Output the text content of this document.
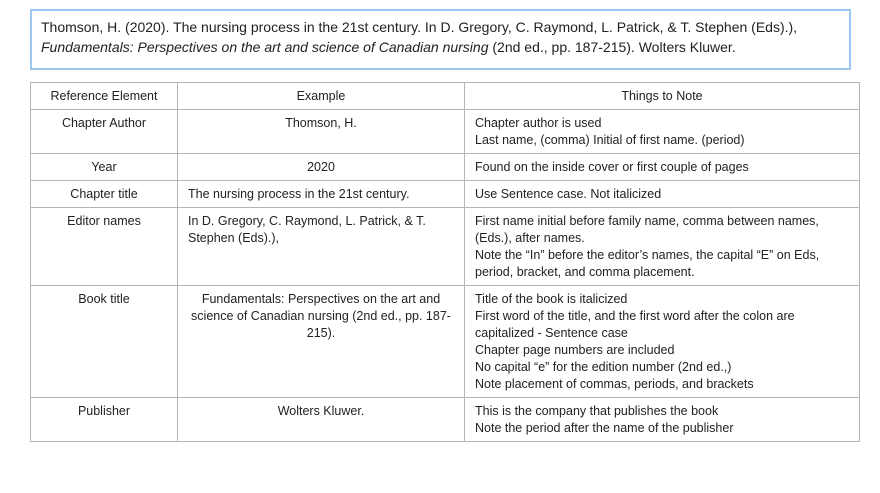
Thomson, H. (2020). The nursing process in the 21st century. In D. Gregory, C. Raymond, L. Patrick, & T. Stephen (Eds).),
Fundamentals: Perspectives on the art and science of Canadian nursing (2nd ed., pp. 187-215). Wolters Kluwer.
Reference Element	Example	Things to Note
Chapter Author	Thomson, H.	Chapter author is used
Last name, (comma) Initial of first name. (period)

Year	2020	Found on the inside cover or first couple of pages

Chapter title	The nursing process in the 21st century.	Use Sentence case. Not italicized

Editor names	In D. Gregory, C. Raymond, L. Patrick, & T. Stephen (Eds).),	First name initial before family name, comma between names, (Eds.), after names.
Note the “In” before the editor’s names, the capital “E” on Eds, period, bracket, and comma placement.

Book title	Fundamentals: Perspectives on the art and science of Canadian nursing (2nd ed., pp. 187-215).	Title of the book is italicized
First word of the title, and the first word after the colon are capitalized - Sentence case
Chapter page numbers are included
No capital “e” for the edition number (2nd ed.,)
Note placement of commas, periods, and brackets

Publisher	Wolters Kluwer.	This is the company that publishes the book
Note the period after the name of the publisher
